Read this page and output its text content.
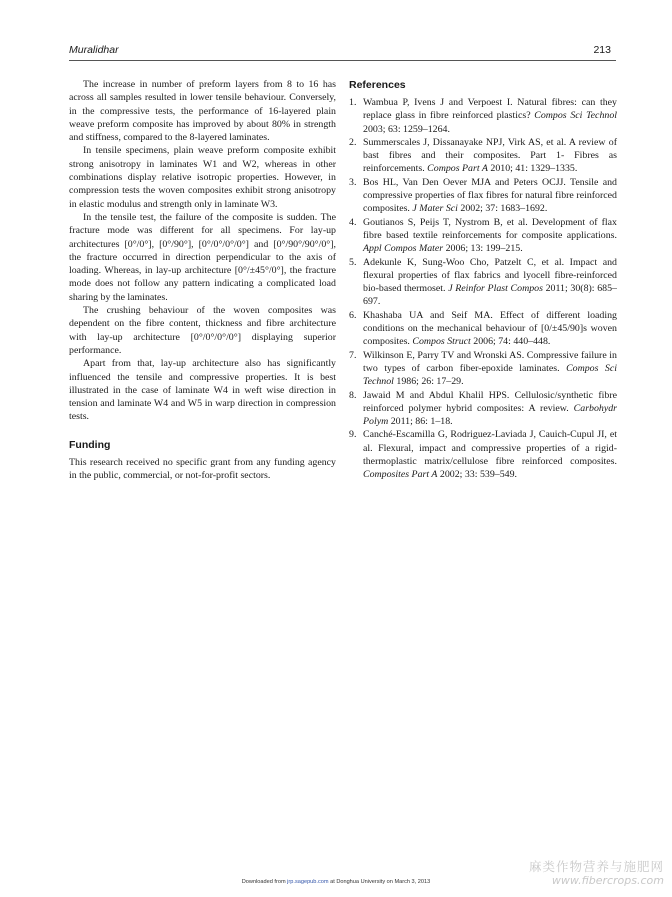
Muralidhar	213

The increase in number of preform layers from 8 to 16 has across all samples resulted in lower tensile behaviour. Conversely, in the compressive tests, the performance of 16-layered plain weave preform composite has improved by about 80% in strength and stiffness, compared to the 8-layered laminates.

In tensile specimens, plain weave preform composite exhibit strong anisotropy in laminates W1 and W2, whereas in other combinations display relative isotropic properties. However, in compression tests the woven composites exhibit strong anisotropy in elastic modulus and strength only in laminate W3.

In the tensile test, the failure of the composite is sudden. The fracture mode was different for all specimens. For lay-up architectures [0°/0°], [0°/90°], [0°/0°/0°/0°] and [0°/90°/90°/0°], the fracture occurred in direction perpendicular to the axis of loading. Whereas, in lay-up architecture [0°/±45°/0°], the fracture mode does not follow any pattern indicating a complicated load sharing by the laminates.

The crushing behaviour of the woven composites was dependent on the fibre content, thickness and fibre architecture with lay-up architecture [0°/0°/0°/0°] displaying superior performance.

Apart from that, lay-up architecture also has significantly influenced the tensile and compressive properties. It is best illustrated in the case of laminate W4 in weft wise direction in tension and laminate W4 and W5 in warp direction in compression tests.

Funding

This research received no specific grant from any funding agency in the public, commercial, or not-for-profit sectors.

References
1. Wambua P, Ivens J and Verpoest I. Natural fibres: can they replace glass in fibre reinforced plastics? Compos Sci Technol 2003; 63: 1259–1264.
2. Summerscales J, Dissanayake NPJ, Virk AS, et al. A review of bast fibres and their composites. Part 1- Fibres as reinforcements. Compos Part A 2010; 41: 1329–1335.
3. Bos HL, Van Den Oever MJA and Peters OCJJ. Tensile and compressive properties of flax fibres for natural fibre reinforced composites. J Mater Sci 2002; 37: 1683–1692.
4. Goutianos S, Peijs T, Nystrom B, et al. Development of flax fibre based textile reinforcements for composite applications. Appl Compos Mater 2006; 13: 199–215.
5. Adekunle K, Sung-Woo Cho, Patzelt C, et al. Impact and flexural properties of flax fabrics and lyocell fibre-reinforced bio-based thermoset. J Reinfor Plast Compos 2011; 30(8): 685–697.
6. Khashaba UA and Seif MA. Effect of different loading conditions on the mechanical behaviour of [0/±45/90]s woven composites. Compos Struct 2006; 74: 440–448.
7. Wilkinson E, Parry TV and Wronski AS. Compressive failure in two types of carbon fiber-epoxide laminates. Compos Sci Technol 1986; 26: 17–29.
8. Jawaid M and Abdul Khalil HPS. Cellulosic/synthetic fibre reinforced polymer hybrid composites: A review. Carbohydr Polym 2011; 86: 1–18.
9. Canché-Escamilla G, Rodriguez-Laviada J, Cauich-Cupul JI, et al. Flexural, impact and compressive properties of a rigid-thermoplastic matrix/cellulose fibre reinforced composites. Composites Part A 2002; 33: 539–549.
Downloaded from jrp.sagepub.com at Donghua University on March 3, 2013
麻类作物营养与施肥网
www.fibercrops.com
